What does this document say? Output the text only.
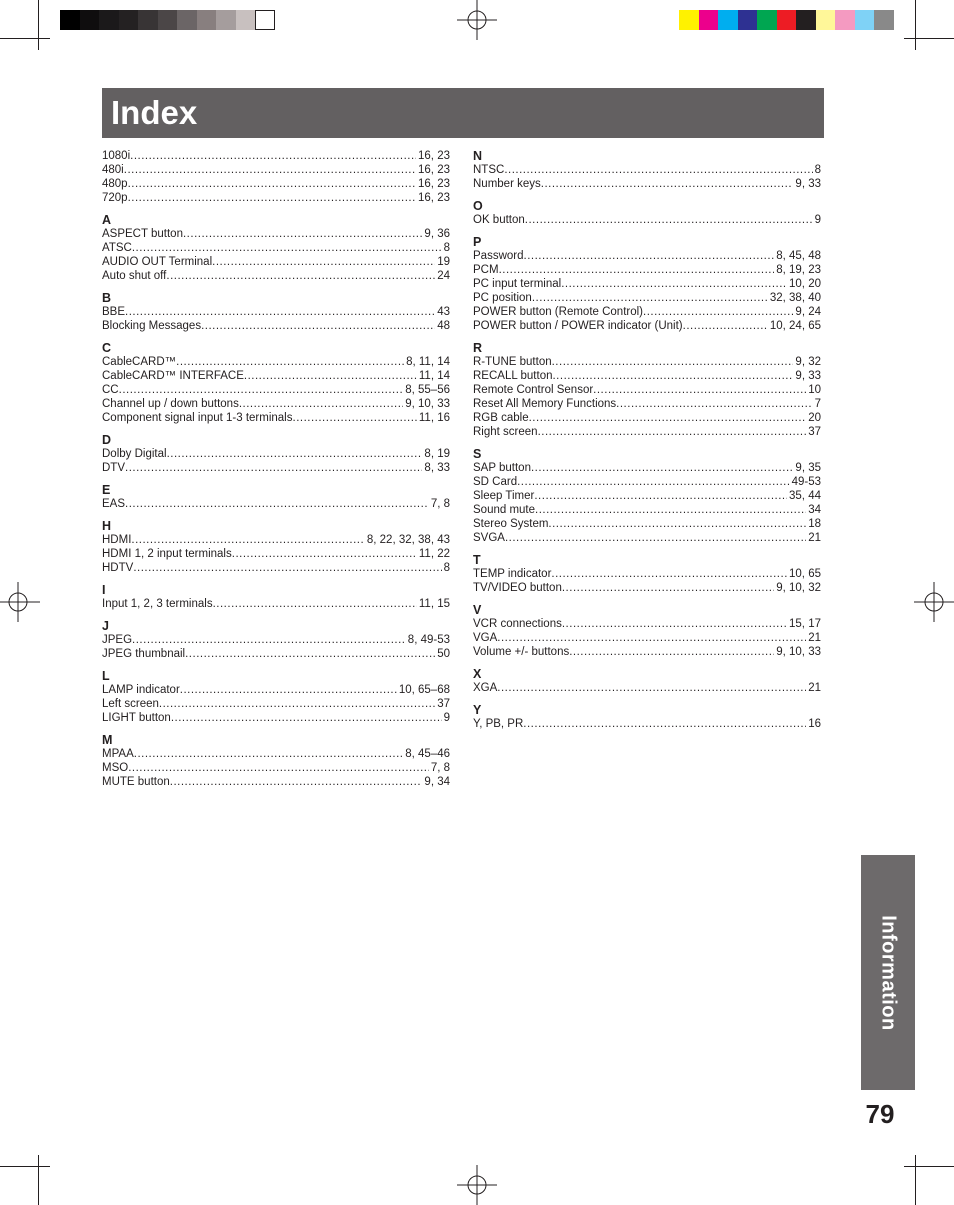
Index
1080i .....	16, 23
480i .....	16, 23
480p .....	16, 23
720p .....	16, 23
A
ASPECT button .....	9, 36
ATSC .....	8
AUDIO OUT Terminal .....	19
Auto shut off .....	24
B
BBE .....	43
Blocking Messages .....	48
C
CableCARD™ .....	8, 11, 14
CableCARD™ INTERFACE .....	11, 14
CC .....	8, 55–56
Channel up / down buttons .....	9, 10, 33
Component signal input 1-3 terminals .....	11, 16
D
Dolby Digital .....	8, 19
DTV .....	8, 33
E
EAS .....	7, 8
H
HDMI .....	8, 22, 32, 38, 43
HDMI 1, 2 input terminals .....	11, 22
HDTV .....	8
I
Input 1, 2, 3 terminals .....	11, 15
J
JPEG .....	8, 49-53
JPEG thumbnail .....	50
L
LAMP indicator .....	10, 65–68
Left screen .....	37
LIGHT button .....	9
M
MPAA .....	8, 45–46
MSO .....	7, 8
MUTE button .....	9, 34
N
NTSC .....	8
Number keys .....	9, 33
O
OK button .....	9
P
Password .....	8, 45, 48
PCM .....	8, 19, 23
PC input terminal .....	10, 20
PC position .....	32, 38, 40
POWER button (Remote Control) .....	9, 24
POWER button / POWER indicator (Unit) .....	10, 24, 65
R
R-TUNE button .....	9, 32
RECALL button .....	9, 33
Remote Control Sensor .....	10
Reset All Memory Functions .....	7
RGB cable .....	20
Right screen .....	37
S
SAP button .....	9, 35
SD Card .....	49-53
Sleep Timer .....	35, 44
Sound mute .....	34
Stereo System .....	18
SVGA .....	21
T
TEMP indicator .....	10, 65
TV/VIDEO button .....	9, 10, 32
V
VCR connections .....	15, 17
VGA .....	21
Volume +/- buttons .....	9, 10, 33
X
XGA .....	21
Y
Y, PB, PR .....	16
Information
79
